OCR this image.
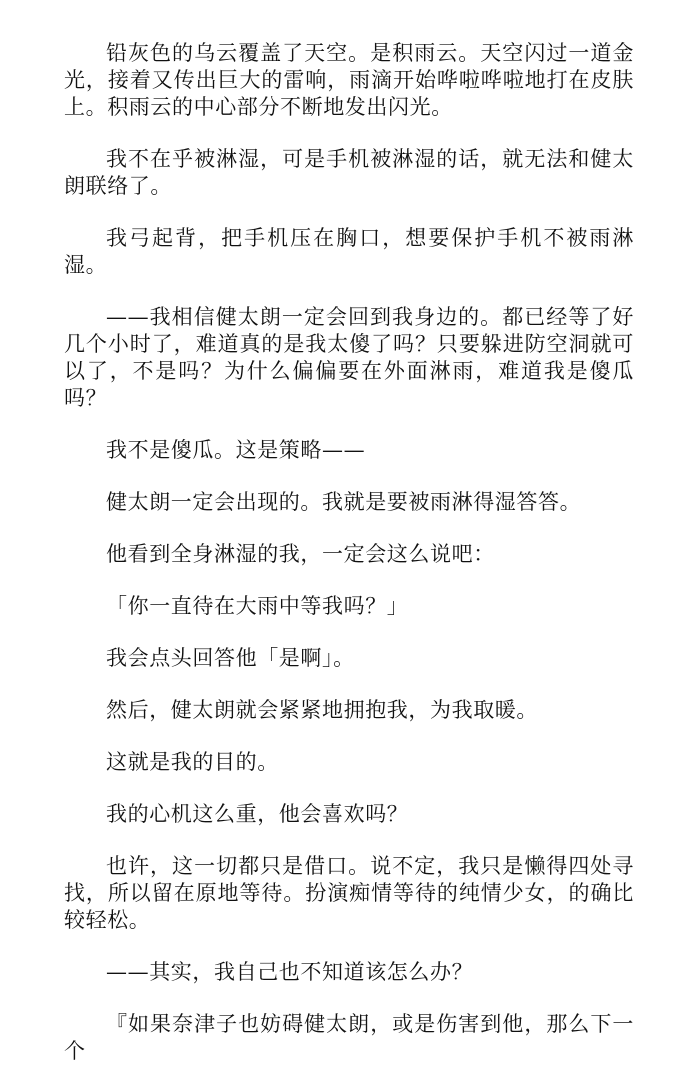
铅灰色的乌云覆盖了天空。是积雨云。天空闪过一道金光，接着又传出巨大的雷响，雨滴开始哗啦哗啦地打在皮肤上。积雨云的中心部分不断地发出闪光。

我不在乎被淋湿，可是手机被淋湿的话，就无法和健太朗联络了。

我弓起背，把手机压在胸口，想要保护手机不被雨淋湿。

——我相信健太朗一定会回到我身边的。都已经等了好几个小时了，难道真的是我太傻了吗？只要躲进防空洞就可以了，不是吗？为什么偏偏要在外面淋雨，难道我是傻瓜吗？

我不是傻瓜。这是策略——

健太朗一定会出现的。我就是要被雨淋得湿答答。

他看到全身淋湿的我，一定会这么说吧：

「你一直待在大雨中等我吗？」

我会点头回答他「是啊」。

然后，健太朗就会紧紧地拥抱我，为我取暖。

这就是我的目的。

我的心机这么重，他会喜欢吗？

也许，这一切都只是借口。说不定，我只是懒得四处寻找，所以留在原地等待。扮演痴情等待的纯情少女，的确比较轻松。

——其实，我自己也不知道该怎么办？

『如果奈津子也妨碍健太朗，或是伤害到他，那么下一个
